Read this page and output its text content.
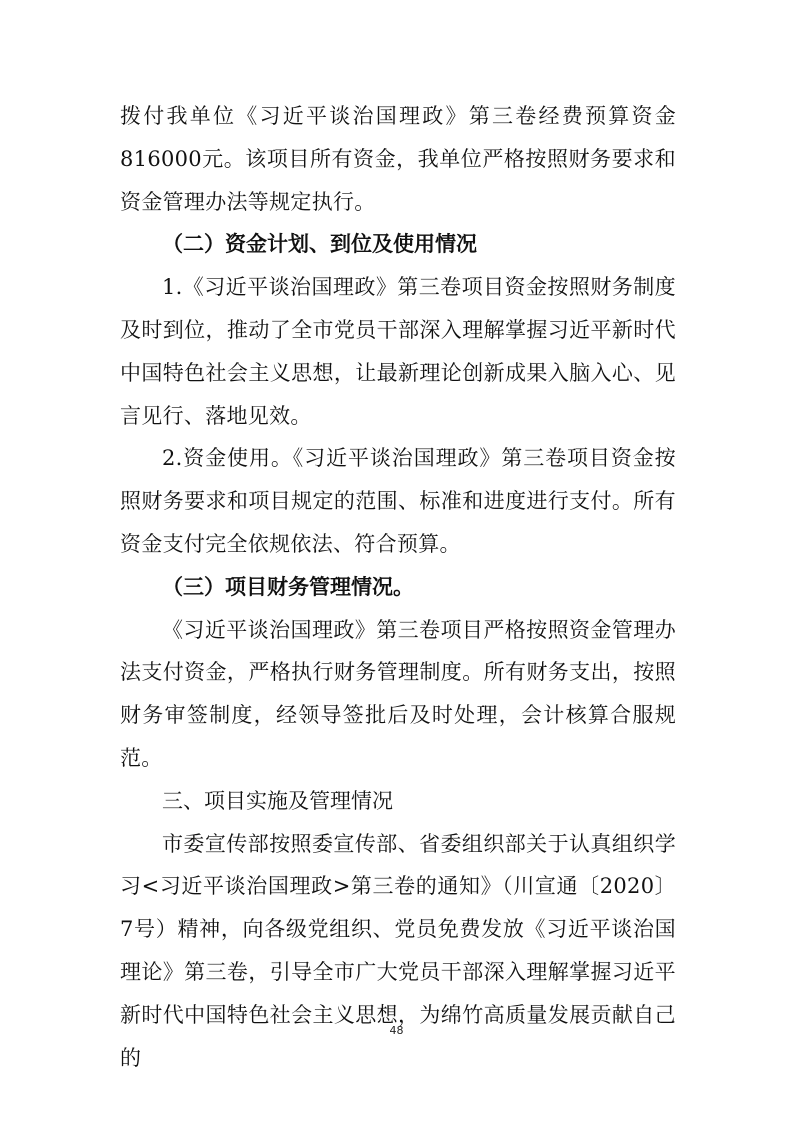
拨付我单位《习近平谈治国理政》第三卷经费预算资金816000元。该项目所有资金，我单位严格按照财务要求和资金管理办法等规定执行。

（二）资金计划、到位及使用情况

1.《习近平谈治国理政》第三卷项目资金按照财务制度及时到位，推动了全市党员干部深入理解掌握习近平新时代中国特色社会主义思想，让最新理论创新成果入脑入心、见言见行、落地见效。

2.资金使用。《习近平谈治国理政》第三卷项目资金按照财务要求和项目规定的范围、标准和进度进行支付。所有资金支付完全依规依法、符合预算。

（三）项目财务管理情况。

《习近平谈治国理政》第三卷项目严格按照资金管理办法支付资金，严格执行财务管理制度。所有财务支出，按照财务审签制度，经领导签批后及时处理，会计核算合服规范。

三、项目实施及管理情况

市委宣传部按照委宣传部、省委组织部关于认真组织学习<习近平谈治国理政>第三卷的通知》（川宣通〔2020〕7号）精神，向各级党组织、党员免费发放《习近平谈治国理论》第三卷，引导全市广大党员干部深入理解掌握习近平新时代中国特色社会主义思想，为绵竹高质量发展贡献自己的

48
